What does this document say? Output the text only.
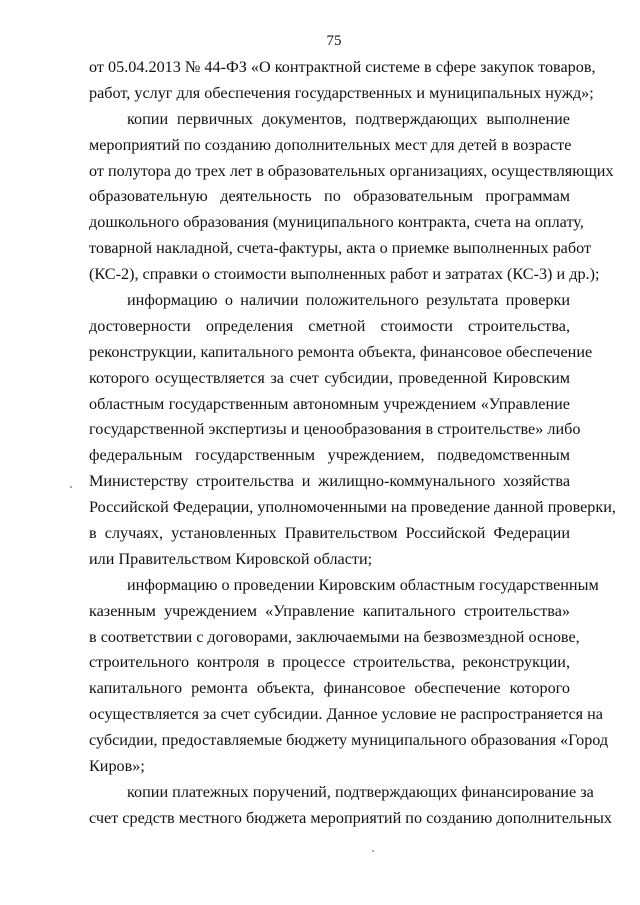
75
от 05.04.2013 № 44-ФЗ «О контрактной системе в сфере закупок товаров,
работ, услуг для обеспечения государственных и муниципальных нужд»;
копии первичных документов, подтверждающих выполнение
мероприятий по созданию дополнительных мест для детей в возрасте
от полутора до трех лет в образовательных организациях, осуществляющих
образовательную деятельность по образовательным программам
дошкольного образования (муниципального контракта, счета на оплату,
товарной накладной, счета-фактуры, акта о приемке выполненных работ
(КС-2), справки о стоимости выполненных работ и затратах (КС-3) и др.);
информацию о наличии положительного результата проверки
достоверности определения сметной стоимости строительства,
реконструкции, капитального ремонта объекта, финансовое обеспечение
которого осуществляется за счет субсидии, проведенной Кировским
областным государственным автономным учреждением «Управление
государственной экспертизы и ценообразования в строительстве» либо
федеральным государственным учреждением, подведомственным
Министерству строительства и жилищно-коммунального хозяйства
Российской Федерации, уполномоченными на проведение данной проверки,
в случаях, установленных Правительством Российской Федерации
или Правительством Кировской области;
информацию о проведении Кировским областным государственным
казенным учреждением «Управление капитального строительства»
в соответствии с договорами, заключаемыми на безвозмездной основе,
строительного контроля в процессе строительства, реконструкции,
капитального ремонта объекта, финансовое обеспечение которого
осуществляется за счет субсидии. Данное условие не распространяется на
субсидии, предоставляемые бюджету муниципального образования «Город
Киров»;
копии платежных поручений, подтверждающих финансирование за
счет средств местного бюджета мероприятий по созданию дополнительных
